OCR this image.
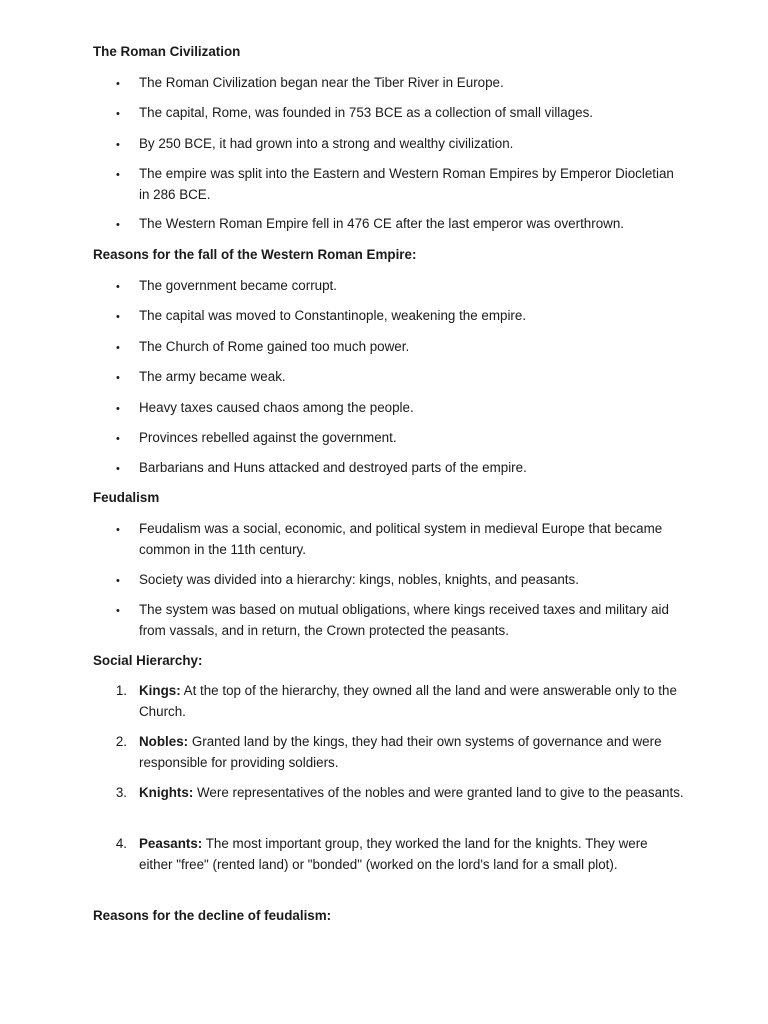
The Roman Civilization
•	The Roman Civilization began near the Tiber River in Europe.
•	The capital, Rome, was founded in 753 BCE as a collection of small villages.
•	By 250 BCE, it had grown into a strong and wealthy civilization.
•	The empire was split into the Eastern and Western Roman Empires by Emperor Diocletian in 286 BCE.
•	The Western Roman Empire fell in 476 CE after the last emperor was overthrown.
Reasons for the fall of the Western Roman Empire:
•	The government became corrupt.
•	The capital was moved to Constantinople, weakening the empire.
•	The Church of Rome gained too much power.
•	The army became weak.
•	Heavy taxes caused chaos among the people.
•	Provinces rebelled against the government.
•	Barbarians and Huns attacked and destroyed parts of the empire.
Feudalism
•	Feudalism was a social, economic, and political system in medieval Europe that became common in the 11th century.
•	Society was divided into a hierarchy: kings, nobles, knights, and peasants.
•	The system was based on mutual obligations, where kings received taxes and military aid from vassals, and in return, the Crown protected the peasants.
Social Hierarchy:
1. Kings: At the top of the hierarchy, they owned all the land and were answerable only to the Church.
2. Nobles: Granted land by the kings, they had their own systems of governance and were responsible for providing soldiers.
3. Knights: Were representatives of the nobles and were granted land to give to the peasants.
4. Peasants: The most important group, they worked the land for the knights. They were either "free" (rented land) or "bonded" (worked on the lord's land for a small plot).
Reasons for the decline of feudalism:
